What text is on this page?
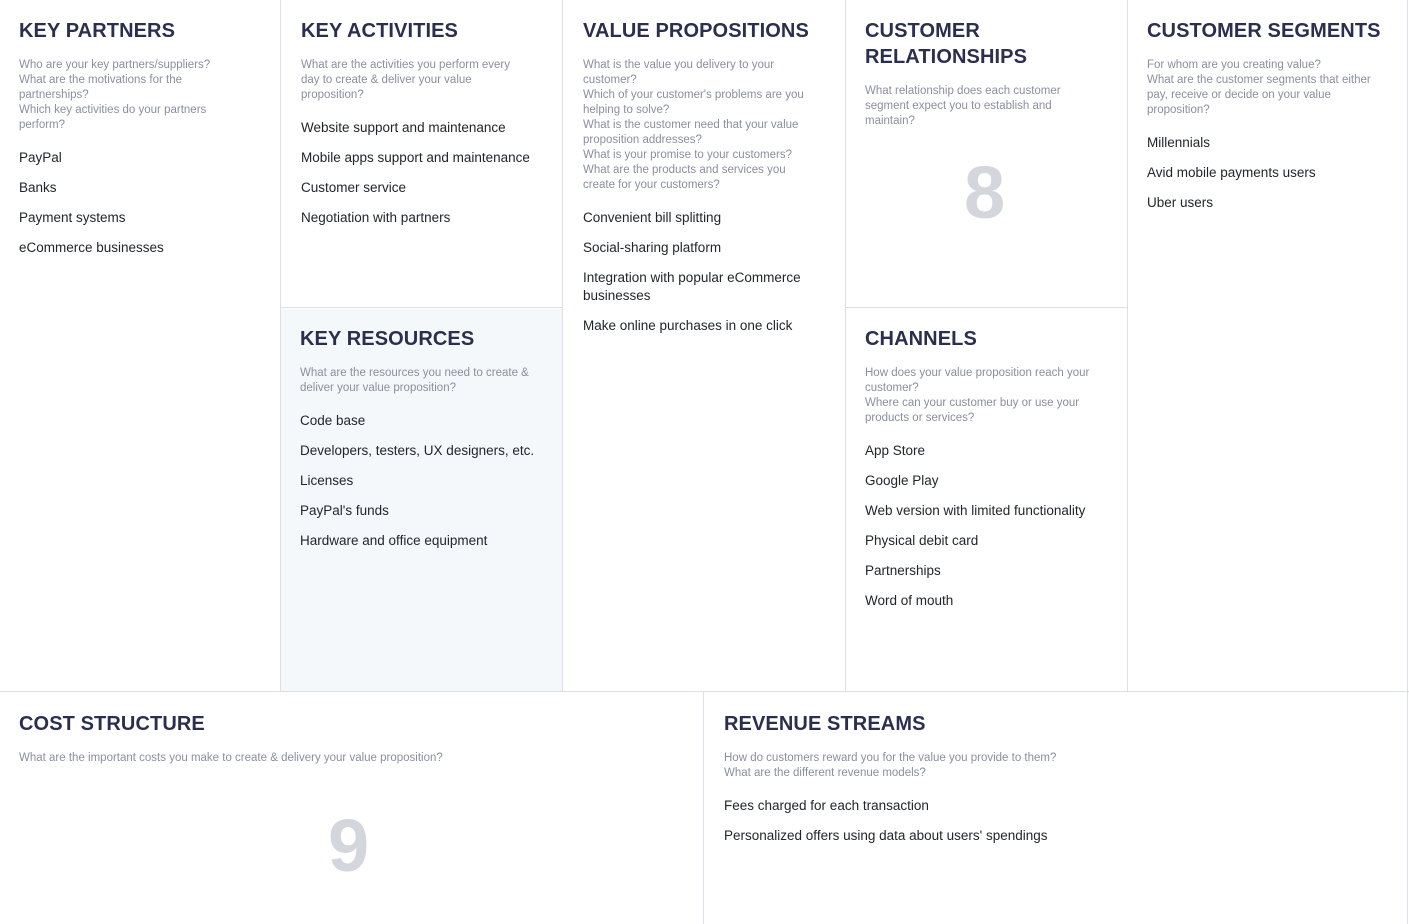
KEY PARTNERS
Who are your key partners/suppliers?
What are the motivations for the partnerships?
Which key activities do your partners perform?
PayPal
Banks
Payment systems
eCommerce businesses
KEY ACTIVITIES
What are the activities you perform every day to create & deliver your value proposition?
Website support and maintenance
Mobile apps support and maintenance
Customer service
Negotiation with partners
KEY RESOURCES
What are the resources you need to create & deliver your value proposition?
Code base
Developers, testers, UX designers, etc.
Licenses
PayPal's funds
Hardware and office equipment
VALUE PROPOSITIONS
What is the value you delivery to your customer?
Which of your customer's problems are you helping to solve?
What is the customer need that your value proposition addresses?
What is your promise to your customers?
What are the products and services you create for your customers?
Convenient bill splitting
Social-sharing platform
Integration with popular eCommerce businesses
Make online purchases in one click
CUSTOMER RELATIONSHIPS
What relationship does each customer segment expect you to establish and maintain?
8
CHANNELS
How does your value proposition reach your customer?
Where can your customer buy or use your products or services?
App Store
Google Play
Web version with limited functionality
Physical debit card
Partnerships
Word of mouth
CUSTOMER SEGMENTS
For whom are you creating value?
What are the customer segments that either pay, receive or decide on your value proposition?
Millennials
Avid mobile payments users
Uber users
COST STRUCTURE
What are the important costs you make to create & delivery your value proposition?
9
REVENUE STREAMS
How do customers reward you for the value you provide to them?
What are the different revenue models?
Fees charged for each transaction
Personalized offers using data about users' spendings
